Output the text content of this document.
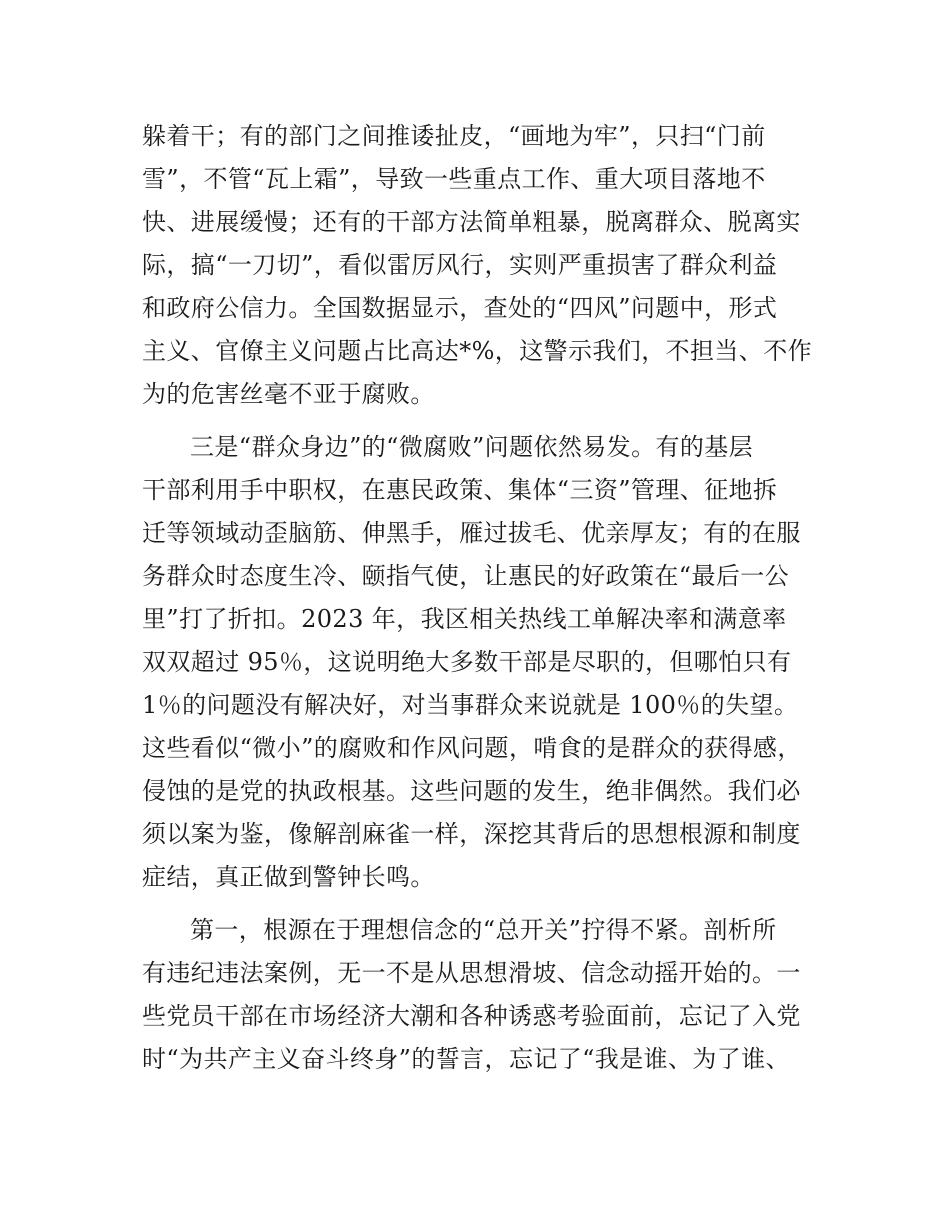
躲着干；有的部门之间推诿扯皮，“画地为牢”，只扫“门前
雪”，不管“瓦上霜”，导致一些重点工作、重大项目落地不
快、进展缓慢；还有的干部方法简单粗暴，脱离群众、脱离实
际，搞“一刀切”，看似雷厉风行，实则严重损害了群众利益
和政府公信力。全国数据显示，查处的“四风”问题中，形式
主义、官僚主义问题占比高达*%，这警示我们，不担当、不作
为的危害丝毫不亚于腐败。

三是“群众身边”的“微腐败”问题依然易发。有的基层
干部利用手中职权，在惠民政策、集体“三资”管理、征地拆
迁等领域动歪脑筋、伸黑手，雁过拔毛、优亲厚友；有的在服
务群众时态度生冷、颐指气使，让惠民的好政策在“最后一公
里”打了折扣。2023 年，我区相关热线工单解决率和满意率
双双超过 95％，这说明绝大多数干部是尽职的，但哪怕只有
1％的问题没有解决好，对当事群众来说就是 100％的失望。
这些看似“微小”的腐败和作风问题，啃食的是群众的获得感，
侵蚀的是党的执政根基。这些问题的发生，绝非偶然。我们必
须以案为鉴，像解剖麻雀一样，深挖其背后的思想根源和制度
症结，真正做到警钟长鸣。

第一，根源在于理想信念的“总开关”拧得不紧。剖析所
有违纪违法案例，无一不是从思想滑坡、信念动摇开始的。一
些党员干部在市场经济大潮和各种诱惑考验面前，忘记了入党
时“为共产主义奋斗终身”的誓言，忘记了“我是谁、为了谁、
